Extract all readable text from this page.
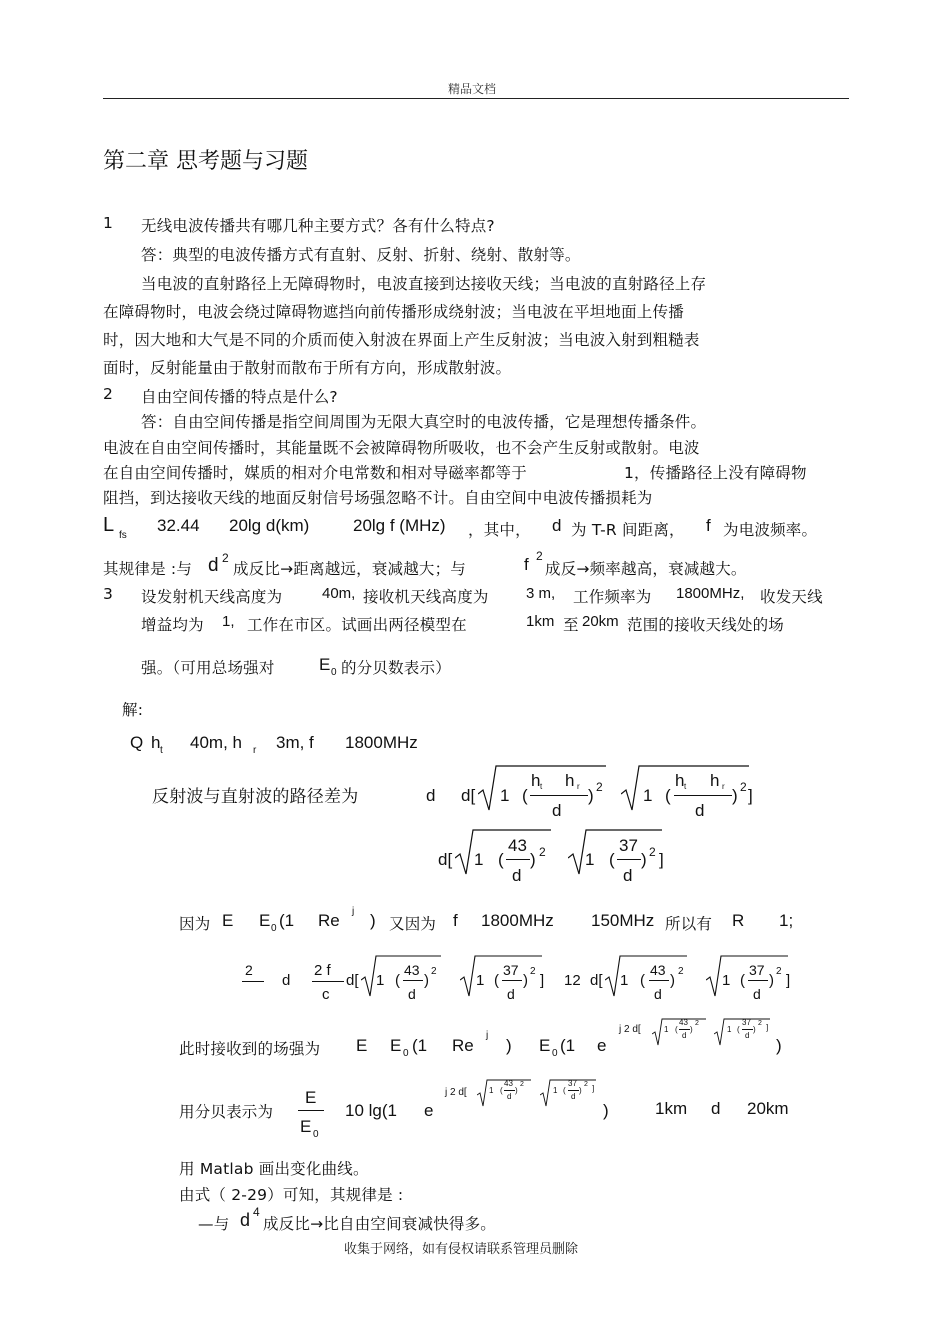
精品文档
第二章 思考题与习题
1 无线电波传播共有哪几种主要方式？各有什么特点?
答：典型的电波传播方式有直射、反射、折射、绕射、散射等。
当电波的直射路径上无障碍物时，电波直接到达接收天线；当电波的直射路径上存
在障碍物时，电波会绕过障碍物遮挡向前传播形成绕射波；当电波在平坦地面上传播
时，因大地和大气是不同的介质而使入射波在界面上产生反射波；当电波入射到粗糙表
面时，反射能量由于散射而散布于所有方向，形成散射波。
2 自由空间传播的特点是什么?
答：自由空间传播是指空间周围为无限大真空时的电波传播，它是理想传播条件。
电波在自由空间传播时，其能量既不会被障碍物所吸收，也不会产生反射或散射。电波
在自由空间传播时，媒质的相对介电常数和相对导磁率都等于	1，传播路径上没有障碍物
阻挡，到达接收天线的地面反射信号场强忽略不计。自由空间中电波传播损耗为
L fs
32.44 20lg d(km)	20lg f (MHz) ，其中， d 为 T-R 间距离， f 为电波频率。
其规律是 :与 d 2
成反比→距离越远，衰减越大；与	f 2
成反→频率越高，衰减越大。
3 设发射机天线高度为	40m, 接收机天线高度为 3 m, 工作频率为 1800MHz, 收发天线
增益均为 1, 工作在市区。试画出两径模型在	1km 至 20km 范围的接收天线处的场
强。（可用总场强对	E 0 的分贝数表示）
解:
Q h t 40m, h r 3m, f 1800MHz
反射波与直射波的路径差为	d d[ 1 (
h t h r
d
) 2 1 (
h t h r
d
) 2 ]
d[ 1 (
43
d
) 2 1 (
37
d
) 2 ]
因为 E E 0 (1 Re j ) 又因为 f 1800MHz 150MHz 所以有 R 1;
2
d
2 f
c
d[ 1 (
43
d
)
2
1 (
37
d
)
2
] 12 d[ 1 (
43
d
)
2
1 (
37
d
)
2
]
此时接收到的场强为 E E 0 (1 Re
j
) E 0 (1 e
j 2 d[	1 (
43
d
)
2
1 (
37
d
)
2 ]
)
用分贝表示为
E
E 0
10 lg(1 e
j 2 d[	1 (
43
d
)
2
1 (
37
d
)
2 ]
)	1km d 20km
用 Matlab 画出变化曲线。
由式（ 2-29）可知，其规律是 :
—与 d 4
成反比→比自由空间衰减快得多。
收集于网络，如有侵权请联系管理员删除
